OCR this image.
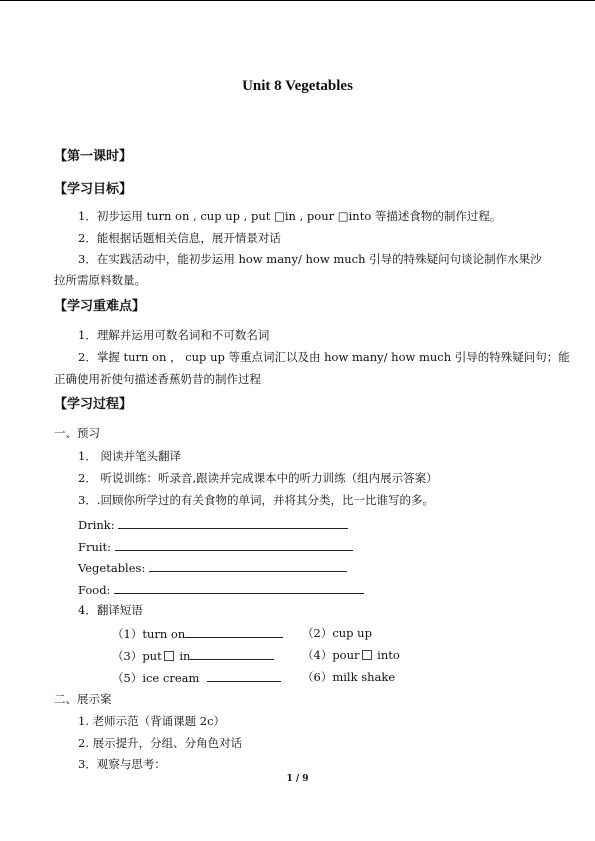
Unit 8 Vegetables
【第一课时】
【学习目标】
1．初步运用 turn on , cup up , put □in , pour □into 等描述食物的制作过程。
2．能根据话题相关信息，展开情景对话
3．在实践活动中，能初步运用 how many/ how much 引导的特殊疑问句谈论制作水果沙
拉所需原料数量。
【学习重难点】
1．理解并运用可数名词和不可数名词
2．掌握 turn on ， cup up 等重点词汇以及由 how many/ how much 引导的特殊疑问句；能
正确使用祈使句描述香蕉奶昔的制作过程
【学习过程】
一、预习
1． 阅读并笔头翻译
2． 听说训练：听录音,跟读并完成课本中的听力训练（组内展示答案）
3．.回顾你所学过的有关食物的单词，并将其分类，比一比谁写的多。
Drink:
Fruit:
Vegetables:
Food:
4．翻译短语
（1）turn on	（2）cup up
（3）put in	（4）pour into
（5）ice cream	（6）milk shake
二、展示案
1. 老师示范（背诵课题 2c）
2. 展示提升，分组、分角色对话
3．观察与思考：
1 / 9
